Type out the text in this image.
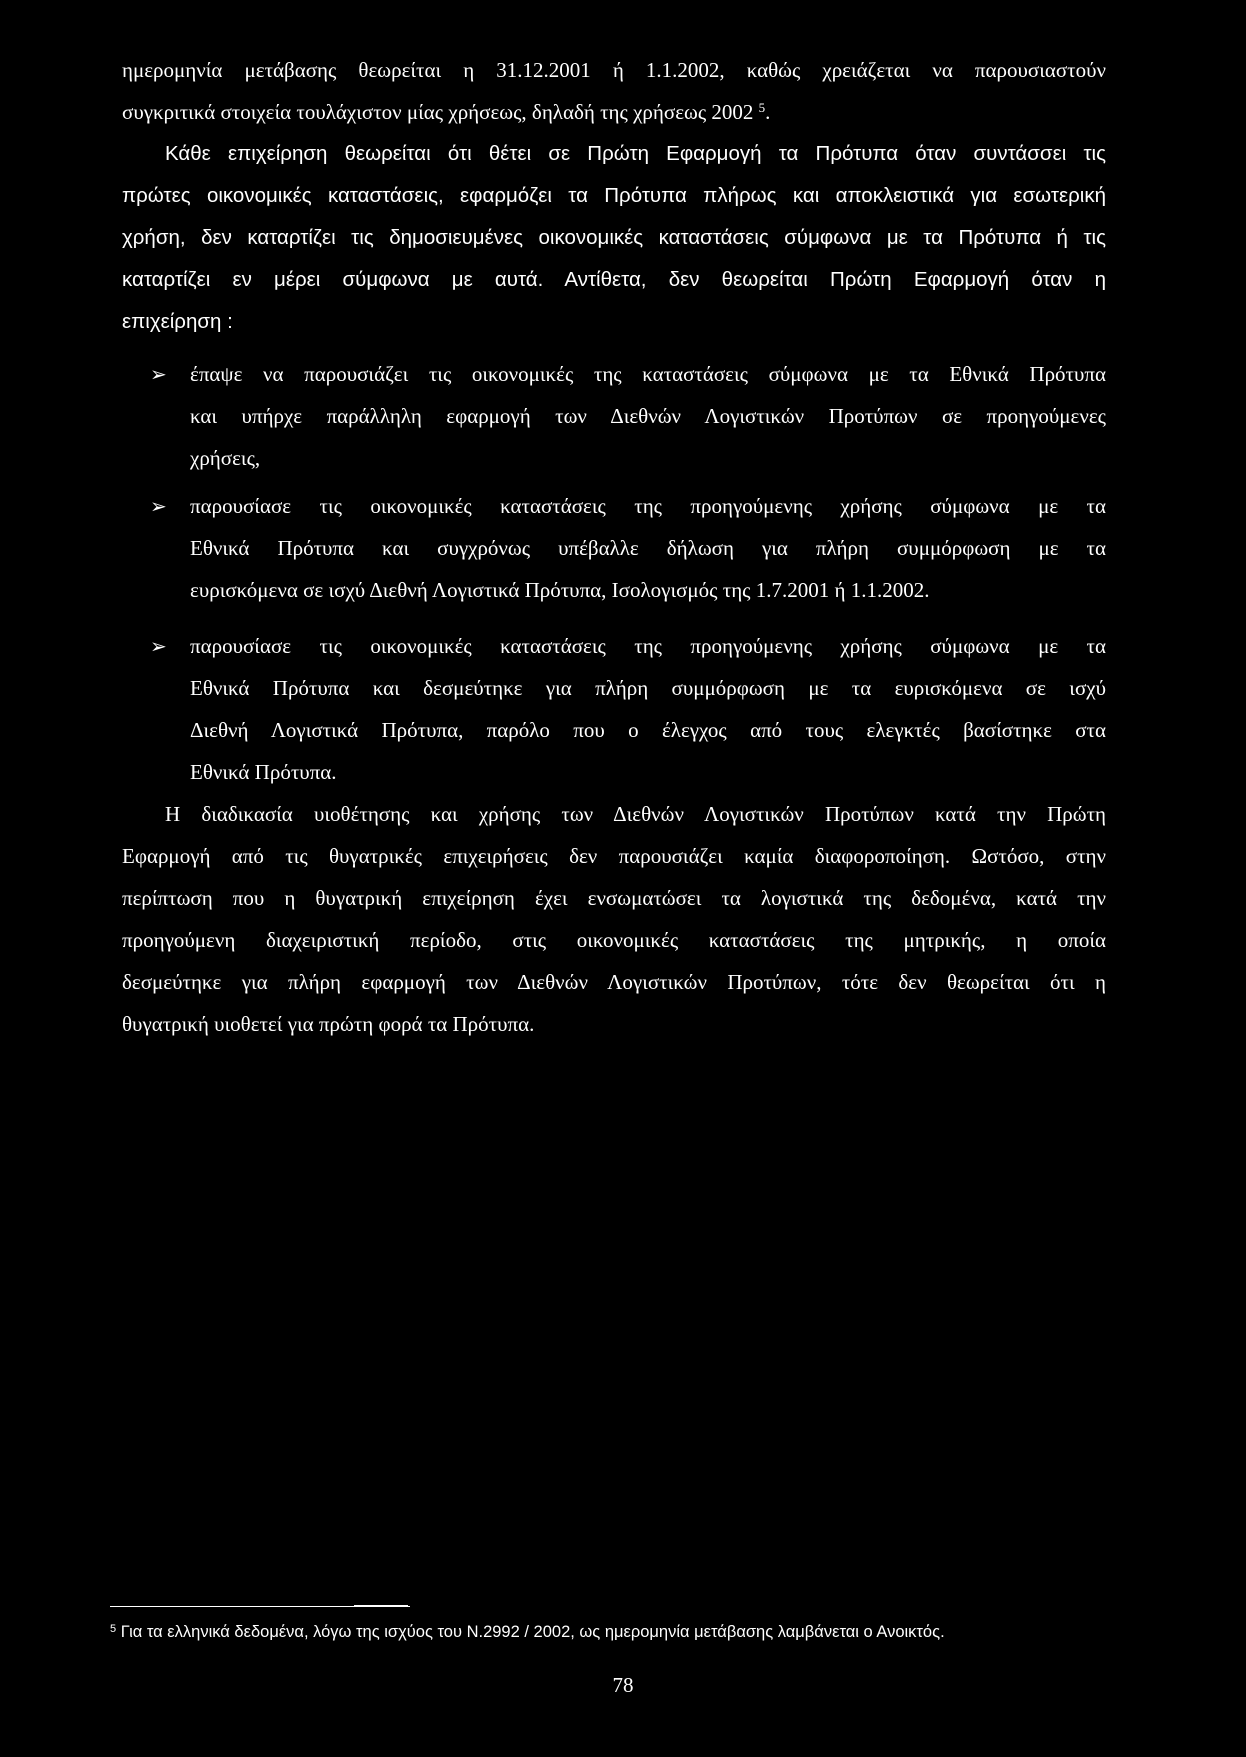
ημερομηνία μετάβασης θεωρείται η 31.12.2001 ή 1.1.2002, καθώς χρειάζεται να παρουσιαστούν
συγκριτικά στοιχεία τουλάχιστον μίας χρήσεως, δηλαδή της χρήσεως 2002 $^5$.
Κάθε επιχείρηση θεωρείται ότι θέτει σε Πρώτη Εφαρμογή τα Πρότυπα όταν συντάσσει τις
πρώτες οικονομικές καταστάσεις, εφαρμόζει τα Πρότυπα πλήρως και αποκλειστικά για εσωτερική
χρήση, δεν καταρτίζει τις δημοσιευμένες οικονομικές καταστάσεις σύμφωνα με τα Πρότυπα ή τις
καταρτίζει εν μέρει σύμφωνα με αυτά. Αντίθετα, δεν θεωρείται Πρώτη Εφαρμογή όταν η
επιχείρηση :
➢ έπαψε να παρουσιάζει τις οικονομικές της καταστάσεις σύμφωνα με τα Εθνικά Πρότυπα
και υπήρχε παράλληλη εφαρμογή των Διεθνών Λογιστικών Προτύπων σε προηγούμενες
χρήσεις,
➢ παρουσίασε τις οικονομικές καταστάσεις της προηγούμενης χρήσης σύμφωνα με τα
Εθνικά Πρότυπα και συγχρόνως υπέβαλλε δήλωση για πλήρη συμμόρφωση με τα
ευρισκόμενα σε ισχύ Διεθνή Λογιστικά Πρότυπα, Ισολογισμός της 1.7.2001 ή 1.1.2002.
➢ παρουσίασε τις οικονομικές καταστάσεις της προηγούμενης χρήσης σύμφωνα με τα
Εθνικά Πρότυπα και δεσμεύτηκε για πλήρη συμμόρφωση με τα ευρισκόμενα σε ισχύ
Διεθνή Λογιστικά Πρότυπα, παρόλο που ο έλεγχος από τους ελεγκτές βασίστηκε στα
Εθνικά Πρότυπα.
Η διαδικασία υιοθέτησης και χρήσης των Διεθνών Λογιστικών Προτύπων κατά την Πρώτη
Εφαρμογή από τις θυγατρικές επιχειρήσεις δεν παρουσιάζει καμία διαφοροποίηση. Ωστόσο, στην
περίπτωση που η θυγατρική επιχείρηση έχει ενσωματώσει τα λογιστικά της δεδομένα, κατά την
προηγούμενη διαχειριστική περίοδο, στις οικονομικές καταστάσεις της μητρικής, η οποία
δεσμεύτηκε για πλήρη εφαρμογή των Διεθνών Λογιστικών Προτύπων, τότε δεν θεωρείται ότι η
θυγατρική υιοθετεί για πρώτη φορά τα Πρότυπα.
$^5$ Για τα ελληνικά δεδομένα, λόγω της ισχύος του Ν.2992 / 2002, ως ημερομηνία μετάβασης λαμβάνεται ο Ανοικτός.
78
